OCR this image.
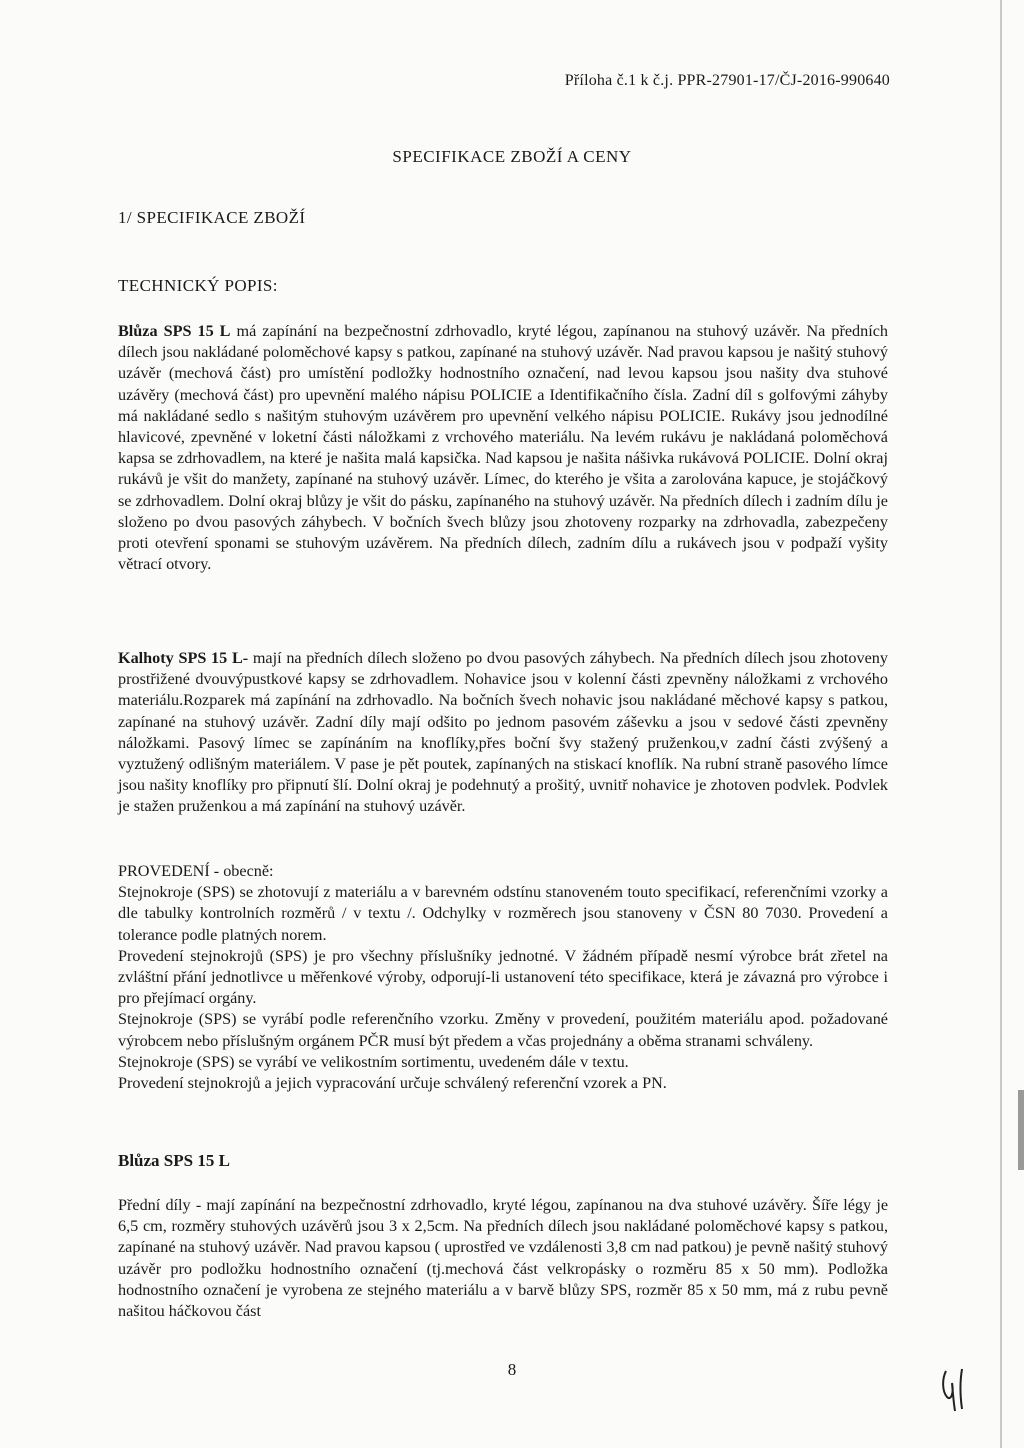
Příloha č.1 k č.j. PPR-27901-17/ČJ-2016-990640
SPECIFIKACE ZBOŽÍ A CENY
1/ SPECIFIKACE ZBOŽÍ
TECHNICKÝ POPIS:

Blůza SPS 15 L má zapínání na bezpečnostní zdrhovadlo, kryté légou, zapínanou na stuhový uzávěr. Na předních dílech jsou nakládané poloměchové kapsy s patkou, zapínané na stuhový uzávěr. Nad pravou kapsou je našitý stuhový uzávěr (mechová část) pro umístění podložky hodnostního označení, nad levou kapsou jsou našity dva stuhové uzávěry (mechová část) pro upevnění malého nápisu POLICIE a Identifikačního čísla. Zadní díl s golfovými záhyby má nakládané sedlo s našitým stuhovým uzávěrem pro upevnění velkého nápisu POLICIE. Rukávy jsou jednodílné hlavicové, zpevněné v loketní části náložkami z vrchového materiálu. Na levém rukávu je nakládaná poloměchová kapsa se zdrhovadlem, na které je našita malá kapsička. Nad kapsou je našita nášivka rukávová POLICIE. Dolní okraj rukávů je všit do manžety, zapínané na stuhový uzávěr. Límec, do kterého je všita a zarolována kapuce, je stojáčkový se zdrhovadlem. Dolní okraj blůzy je všit do pásku, zapínaného na stuhový uzávěr. Na předních dílech i zadním dílu je složeno po dvou pasových záhybech. V bočních švech blůzy jsou zhotoveny rozparky na zdrhovadla, zabezpečeny proti otevření sponami se stuhovým uzávěrem. Na předních dílech, zadním dílu a rukávech jsou v podpaží vyšity větrací otvory.

Kalhoty SPS 15 L- mají na předních dílech složeno po dvou pasových záhybech. Na předních dílech jsou zhotoveny prostřižené dvouvýpustkové kapsy se zdrhovadlem. Nohavice jsou v kolenní části zpevněny náložkami z vrchového materiálu.Rozparek má zapínání na zdrhovadlo. Na bočních švech nohavic jsou nakládané měchové kapsy s patkou, zapínané na stuhový uzávěr. Zadní díly mají odšito po jednom pasovém záševku a jsou v sedové části zpevněny náložkami. Pasový límec se zapínáním na knoflíky,přes boční švy stažený pruženkou,v zadní části zvýšený a vyztužený odlišným materiálem. V pase je pět poutek, zapínaných na stiskací knoflík. Na rubní straně pasového límce jsou našity knoflíky pro připnutí šlí. Dolní okraj je podehnutý a prošitý, uvnitř nohavice je zhotoven podvlek. Podvlek je stažen pruženkou a má zapínání na stuhový uzávěr.

PROVEDENÍ - obecně:

Stejnokroje (SPS) se zhotovují z materiálu a v barevném odstínu stanoveném touto specifikací, referenčními vzorky a dle tabulky kontrolních rozměrů / v textu /. Odchylky v rozměrech jsou stanoveny v ČSN 80 7030. Provedení a tolerance podle platných norem.

Provedení stejnokrojů (SPS) je pro všechny příslušníky jednotné. V žádném případě nesmí výrobce brát zřetel na zvláštní přání jednotlivce u měřenkové výroby, odporují-li ustanovení této specifikace, která je závazná pro výrobce i pro přejímací orgány.

Stejnokroje (SPS) se vyrábí podle referenčního vzorku. Změny v provedení, použitém materiálu apod. požadované výrobcem nebo příslušným orgánem PČR musí být předem a včas projednány a oběma stranami schváleny.

Stejnokroje (SPS) se vyrábí ve velikostním sortimentu, uvedeném dále v textu.

Provedení stejnokrojů a jejich vypracování určuje schválený referenční vzorek a PN.

Blůza SPS 15 L

Přední díly - mají zapínání na bezpečnostní zdrhovadlo, kryté légou, zapínanou na dva stuhové uzávěry. Šíře légy je 6,5 cm, rozměry stuhových uzávěrů jsou 3 x 2,5cm. Na předních dílech jsou nakládané poloměchové kapsy s patkou, zapínané na stuhový uzávěr. Nad pravou kapsou ( uprostřed ve vzdálenosti 3,8 cm nad patkou) je pevně našitý stuhový uzávěr pro podložku hodnostního označení (tj.mechová část velkropásky o rozměru 85 x 50 mm). Podložka hodnostního označení je vyrobena ze stejného materiálu a v barvě blůzy SPS, rozměr 85 x 50 mm, má z rubu pevně našitou háčkovou část

8
